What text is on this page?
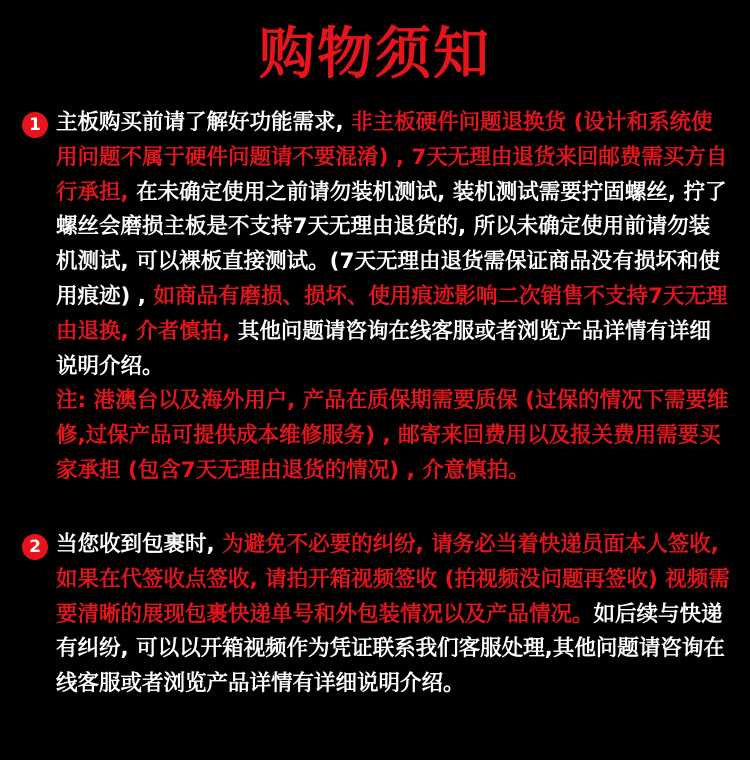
购物须知
1 主板购买前请了解好功能需求, 非主板硬件问题退换货 (设计和系统使用问题不属于硬件问题请不要混淆) , 7天无理由退货来回邮费需买方自行承担, 在未确定使用之前请勿装机测试, 装机测试需要拧固螺丝, 拧了螺丝会磨损主板是不支持7天无理由退货的, 所以未确定使用前请勿装机测试, 可以裸板直接测试。(7天无理由退货需保证商品没有损坏和使用痕迹) , 如商品有磨损、损坏、使用痕迹影响二次销售不支持7天无理由退换, 介者慎拍, 其他问题请咨询在线客服或者浏览产品详情有详细说明介绍。
注: 港澳台以及海外用户, 产品在质保期需要质保 (过保的情况下需要维修,过保产品可提供成本维修服务) , 邮寄来回费用以及报关费用需要买家承担 (包含7天无理由退货的情况) , 介意慎拍。

2 当您收到包裹时, 为避免不必要的纠纷, 请务必当着快递员面本人签收, 如果在代签收点签收, 请拍开箱视频签收 (拍视频没问题再签收) 视频需要清晰的展现包裹快递单号和外包装情况以及产品情况。如后续与快递有纠纷, 可以以开箱视频作为凭证联系我们客服处理,其他问题请咨询在线客服或者浏览产品详情有详细说明介绍。
